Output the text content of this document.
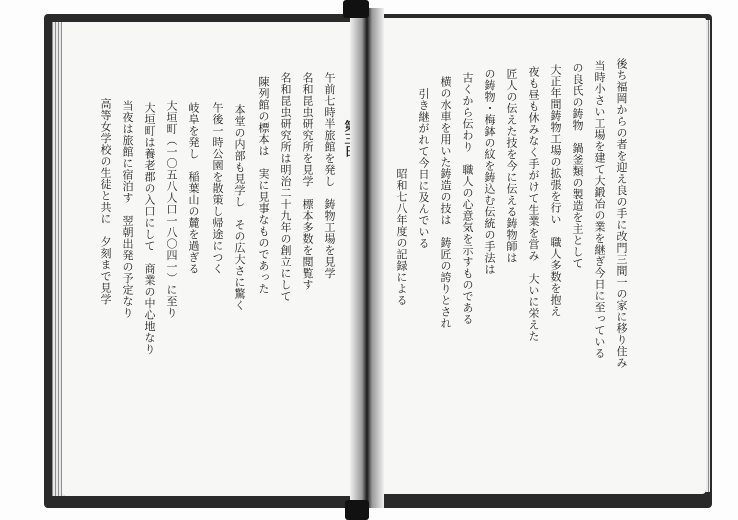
高等女学校の生徒と共に　夕刻まで見学 当夜は旅館に宿泊す　翌朝出発の予定なり 大垣町は養老郡の入口にして　商業の中心地なり 大垣町（一〇五八人口一八〇四一）に至り 岐阜を発し　稲葉山の麓を過ぎる 午後一時公園を散策し帰途につく 本堂の内部も見学し　その広大さに驚く 陳列館の標本は　実に見事なものであった 名和昆虫研究所は明治二十九年の創立にして 名和昆虫研究所を見学　標本多数を閲覧す 午前七時半旅館を発し　鋳物工場を見学	昭和七八年度の記録による 引き継がれて今日に及んでいる 横の水車を用いた鋳造の技は　鋳匠の誇りとされ 古くから伝わり　職人の心意気を示すものである の鋳物・梅鉢の紋を鋳込む伝統の手法は 匠人の伝えた技を今に伝える鋳物師は 夜も昼も休みなく手がけて生業を営み　大いに栄えた 大正年間鋳物工場の拡張を行い　職人多数を抱え の良氏の鋳物　鍋釜類の製造を主として 当時小さい工場を建て大鍛冶の業を継ぎ今日に至っている 後ち福岡からの者を迎え良の手に改門三間一の家に移り住み
